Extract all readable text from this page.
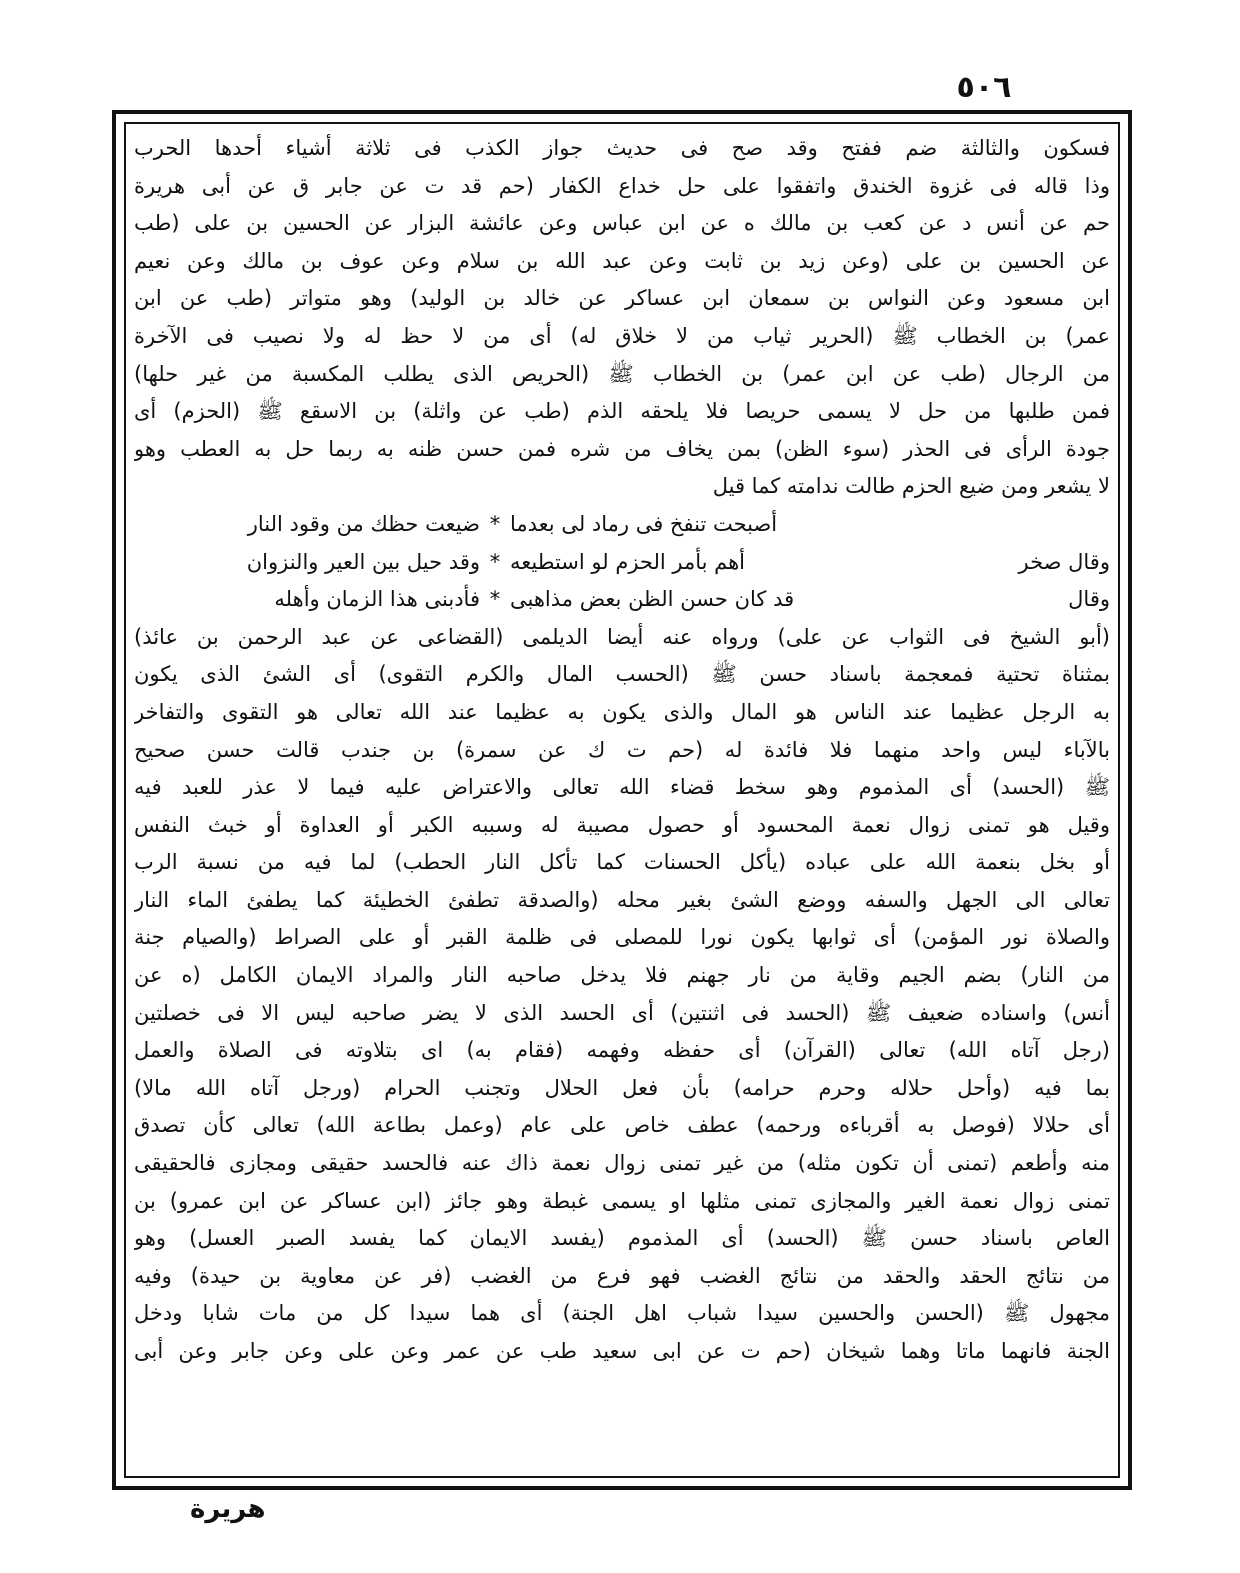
٥٠٦
فسكون والثالثة ضم ففتح وقد صح فى حديث جواز الكذب فى ثلاثة أشياء أحدها الحرب
وذا قاله فى غزوة الخندق واتفقوا على حل خداع الكفار (حم قد ت عن جابر ق عن أبى هريرة
حم عن أنس د عن كعب بن مالك ه عن ابن عباس وعن عائشة البزار عن الحسين بن على (طب
عن الحسين بن على (وعن زيد بن ثابت وعن عبد الله بن سلام وعن عوف بن مالك وعن نعيم
ابن مسعود وعن النواس بن سمعان ابن عساكر عن خالد بن الوليد) وهو متواتر (طب عن ابن
عمر) بن الخطاب ﷺ (الحرير ثياب من لا خلاق له) أى من لا حظ له ولا نصيب فى الآخرة
من الرجال (طب عن ابن عمر) بن الخطاب ﷺ (الحريص الذى يطلب المكسبة من غير حلها)
فمن طلبها من حل لا يسمى حريصا فلا يلحقه الذم (طب عن واثلة) بن الاسقع ﷺ (الحزم) أى
جودة الرأى فى الحذر (سوء الظن) بمن يخاف من شره فمن حسن ظنه به ربما حل به العطب وهو
لا يشعر ومن ضيع الحزم طالت ندامته كما قيل
أصبحت تنفخ فى رماد لى بعدما
*
ضيعت حظك من وقود النار
وقال صخر
أهم بأمر الحزم لو استطيعه
*
وقد حيل بين العير والنزوان
وقال
قد كان حسن الظن بعض مذاهبى
*
فأدبنى هذا الزمان وأهله
(أبو الشيخ فى الثواب عن على) ورواه عنه أيضا الديلمى (القضاعى عن عبد الرحمن بن عائذ)
بمثناة تحتية فمعجمة باسناد حسن ﷺ (الحسب المال والكرم التقوى) أى الشئ الذى يكون
به الرجل عظيما عند الناس هو المال والذى يكون به عظيما عند الله تعالى هو التقوى والتفاخر
بالآباء ليس واحد منهما فلا فائدة له (حم ت ك عن سمرة) بن جندب قالت حسن صحيح
ﷺ (الحسد) أى المذموم وهو سخط قضاء الله تعالى والاعتراض عليه فيما لا عذر للعبد فيه
وقيل هو تمنى زوال نعمة المحسود أو حصول مصيبة له وسببه الكبر أو العداوة أو خبث النفس
أو بخل بنعمة الله على عباده (يأكل الحسنات كما تأكل النار الحطب) لما فيه من نسبة الرب
تعالى الى الجهل والسفه ووضع الشئ بغير محله (والصدقة تطفئ الخطيئة كما يطفئ الماء النار
والصلاة نور المؤمن) أى ثوابها يكون نورا للمصلى فى ظلمة القبر أو على الصراط (والصيام جنة
من النار) بضم الجيم وقاية من نار جهنم فلا يدخل صاحبه النار والمراد الايمان الكامل (ه عن
أنس) واسناده ضعيف ﷺ (الحسد فى اثنتين) أى الحسد الذى لا يضر صاحبه ليس الا فى خصلتين
(رجل آتاه الله) تعالى (القرآن) أى حفظه وفهمه (فقام به) اى بتلاوته فى الصلاة والعمل
بما فيه (وأحل حلاله وحرم حرامه) بأن فعل الحلال وتجنب الحرام (ورجل آتاه الله مالا)
أى حلالا (فوصل به أقرباءه ورحمه) عطف خاص على عام (وعمل بطاعة الله) تعالى كأن تصدق
منه وأطعم (تمنى أن تكون مثله) من غير تمنى زوال نعمة ذاك عنه فالحسد حقيقى ومجازى فالحقيقى
تمنى زوال نعمة الغير والمجازى تمنى مثلها او يسمى غبطة وهو جائز (ابن عساكر عن ابن عمرو) بن
العاص باسناد حسن ﷺ (الحسد) أى المذموم (يفسد الايمان كما يفسد الصبر العسل) وهو
من نتائج الحقد والحقد من نتائج الغضب فهو فرع من الغضب (فر عن معاوية بن حيدة) وفيه
مجهول ﷺ (الحسن والحسين سيدا شباب اهل الجنة) أى هما سيدا كل من مات شابا ودخل
الجنة فانهما ماتا وهما شيخان (حم ت عن ابى سعيد طب عن عمر وعن على وعن جابر وعن أبى
هريرة
